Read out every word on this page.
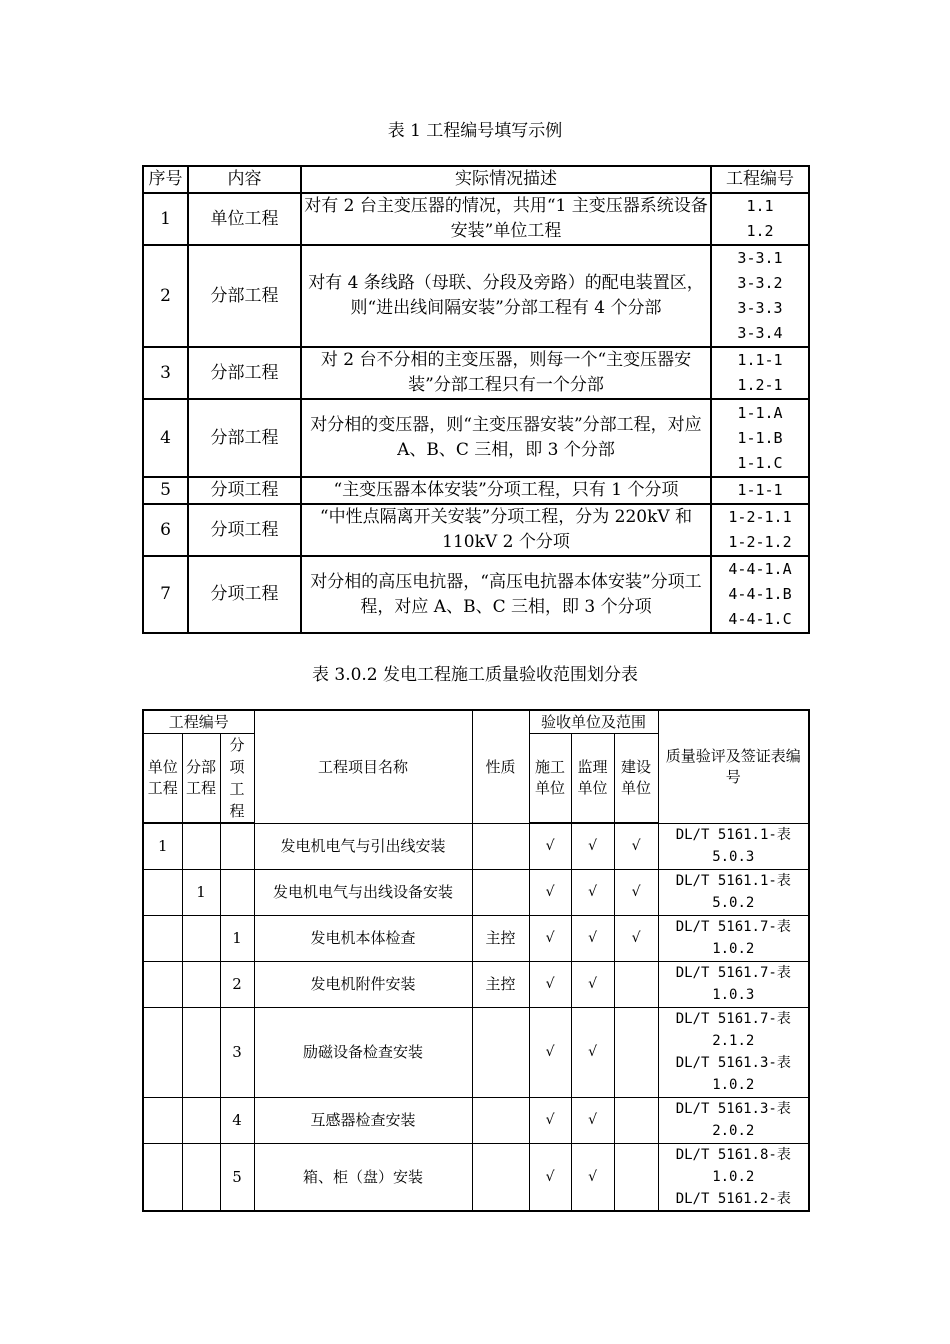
表 1 工程编号填写示例
序号	内容	实际情况描述	工程编号
1	单位工程	对有 2 台主变压器的情况，共用“1 主变压器系统设备安装”单位工程	1.1
1.2

2	分部工程	对有 4 条线路（母联、分段及旁路）的配电装置区，则“进出线间隔安装”分部工程有 4 个分部	3-3.1
3-3.2
3-3.3
3-3.4

3	分部工程	对 2 台不分相的主变压器，则每一个“主变压器安装”分部工程只有一个分部	1.1-1
1.2-1

4	分部工程	对分相的变压器，则“主变压器安装”分部工程，对应 A、B、C 三相，即 3 个分部	1-1.A
1-1.B
1-1.C

5	分项工程	“主变压器本体安装”分项工程，只有 1 个分项	1-1-1

6	分项工程	“中性点隔离开关安装”分项工程，分为 220kV 和 110kV 2 个分项	1-2-1.1
1-2-1.2

7	分项工程	对分相的高压电抗器，“高压电抗器本体安装”分项工程，对应 A、B、C 三相，即 3 个分项	4-4-1.A
4-4-1.B
4-4-1.C
表 3.0.2 发电工程施工质量验收范围划分表
工程编号			工程项目名称	性质	验收单位及范围			质量验评及签证表编号
单位工程	分部工程	分项工程			施工单位	监理单位	建设单位	
1			发电机电气与引出线安装		√	√	√	DL/T 5161.1-表
5.0.3

	1		发电机电气与出线设备安装		√	√	√	DL/T 5161.1-表
5.0.2

		1	发电机本体检查	主控	√	√	√	DL/T 5161.7-表
1.0.2

		2	发电机附件安装	主控	√	√		DL/T 5161.7-表
1.0.3

		3	励磁设备检查安装		√	√		DL/T 5161.7-表
2.1.2
DL/T 5161.3-表
1.0.2

		4	互感器检查安装		√	√		DL/T 5161.3-表
2.0.2

		5	箱、柜（盘）安装		√	√		DL/T 5161.8-表
1.0.2
DL/T 5161.2-表
